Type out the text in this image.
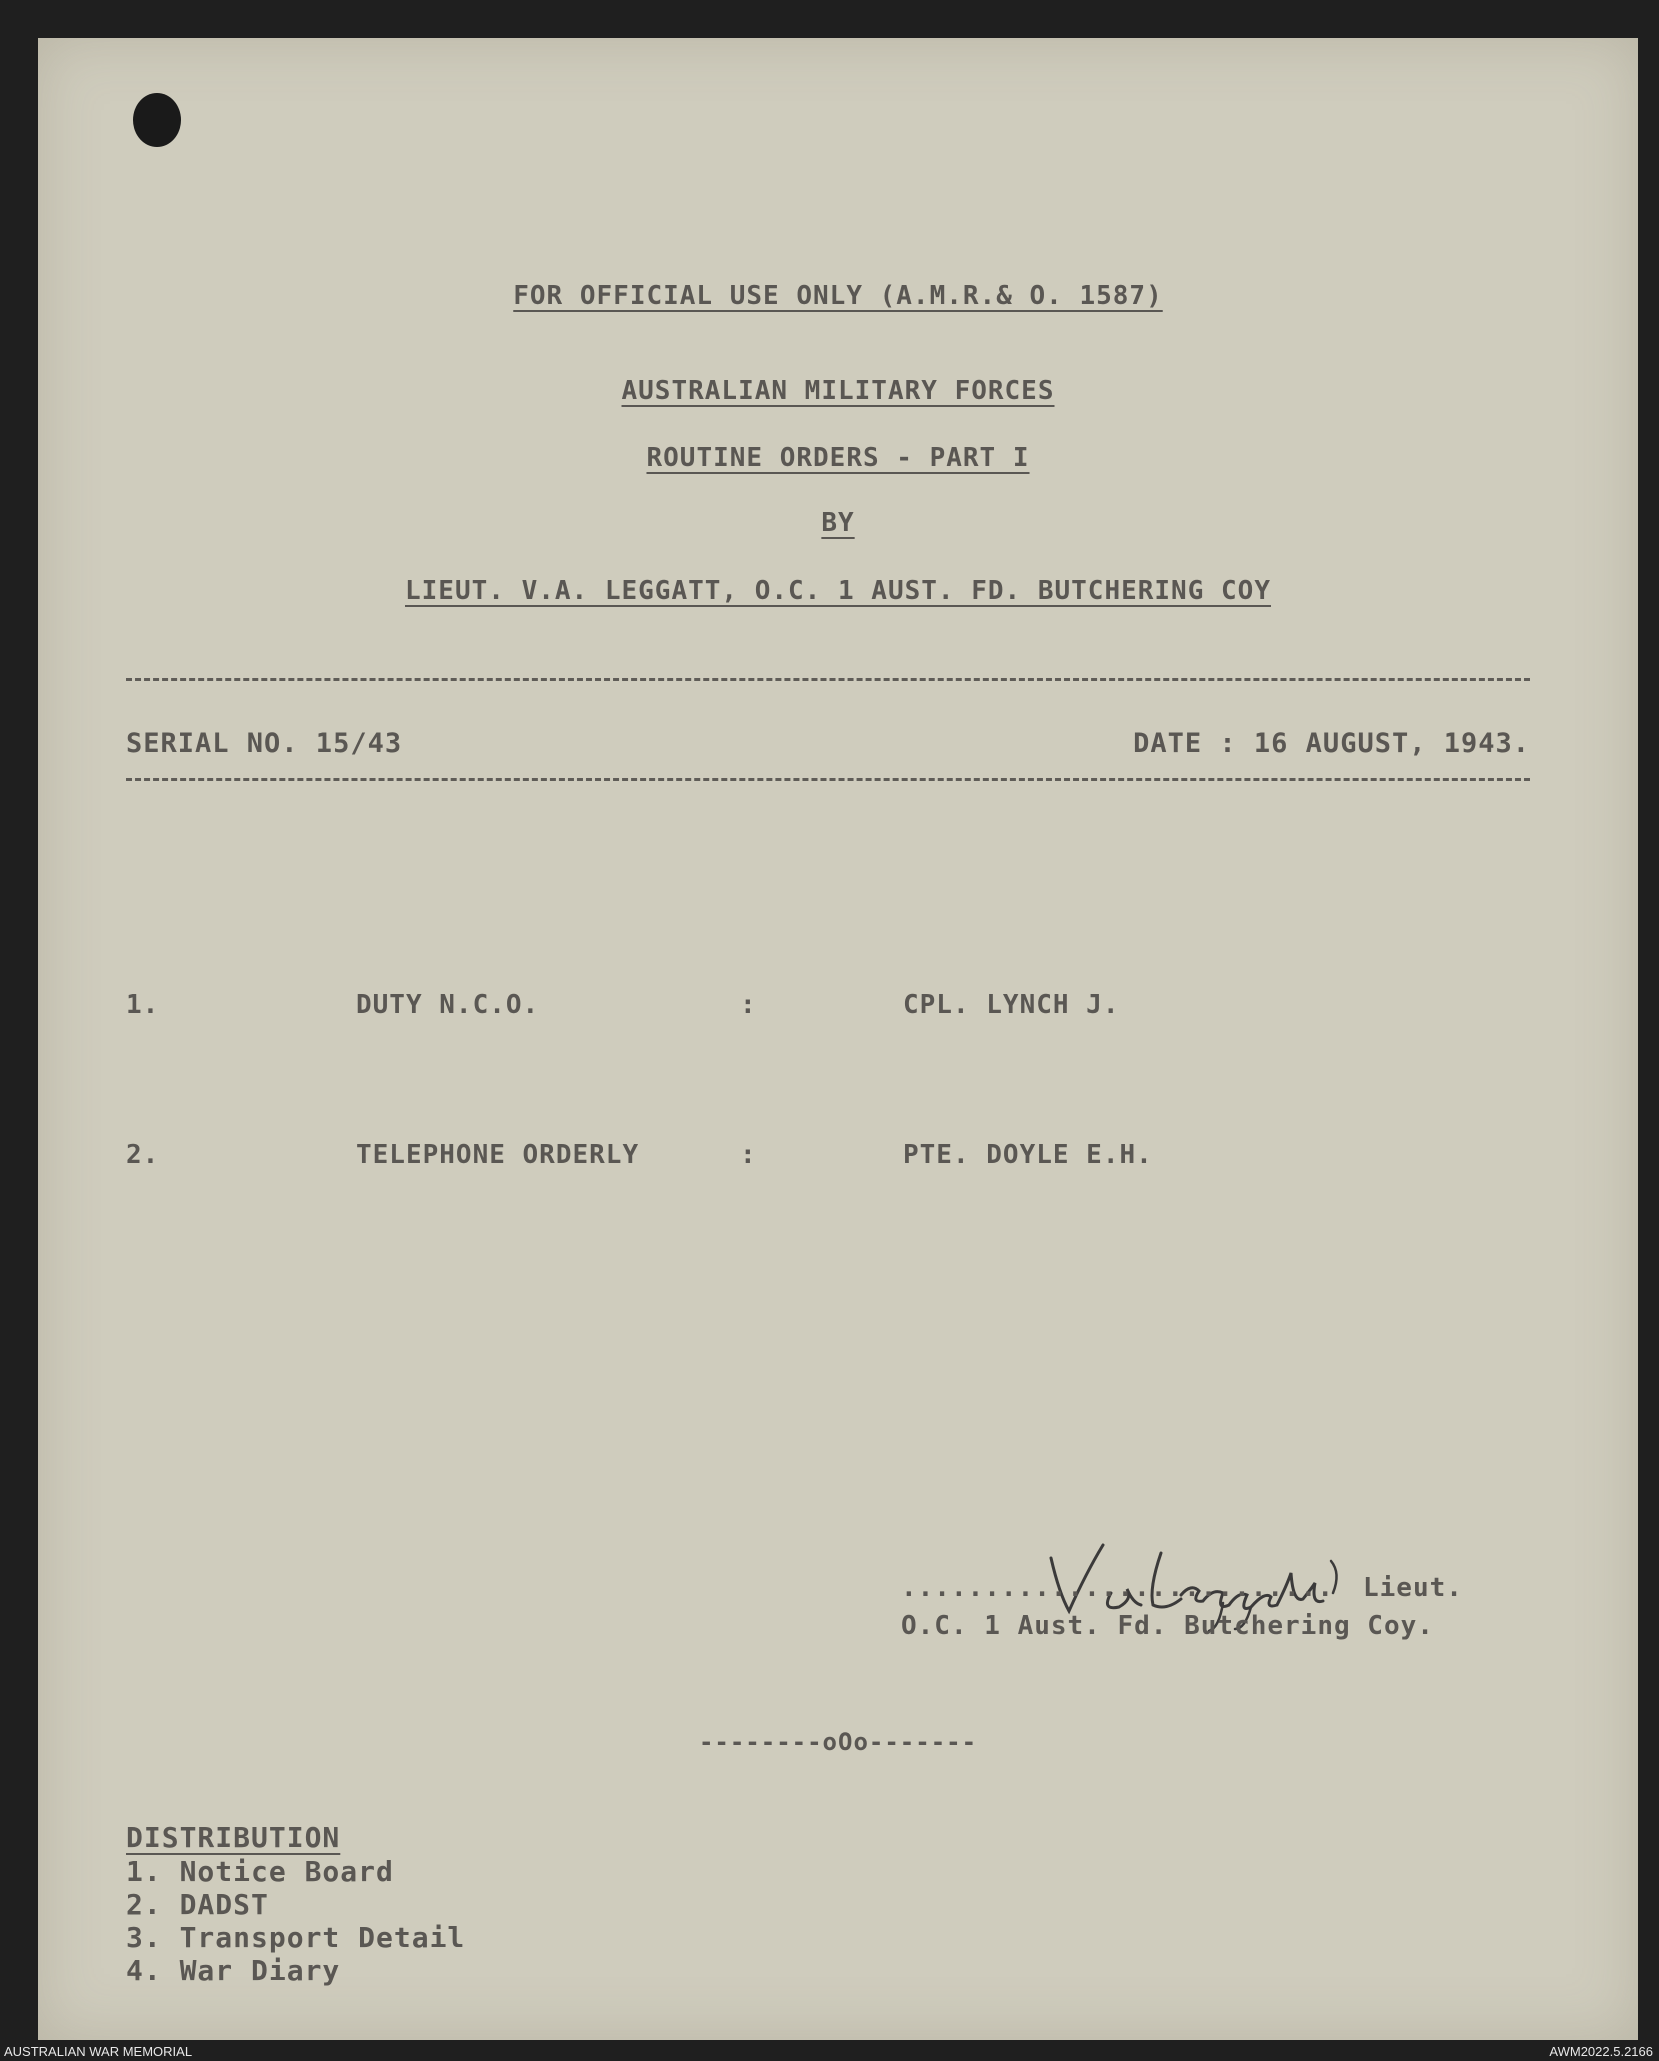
FOR OFFICIAL USE ONLY (A.M.R.& O. 1587)
AUSTRALIAN MILITARY FORCES
ROUTINE ORDERS - PART I
BY
LIEUT. V.A. LEGGATT, O.C. 1 AUST. FD. BUTCHERING COY
SERIAL NO. 15/43	DATE : 16 AUGUST, 1943.
1.	DUTY N.C.O.	:	CPL. LYNCH J.
2.	TELEPHONE ORDERLY	:	PTE. DOYLE E.H.
.......................... Lieut.
O.C. 1 Aust. Fd. Butchering Coy.
--------oOo-------
DISTRIBUTION
1. Notice Board
2. DADST
3. Transport Detail
4. War Diary
AUSTRALIAN WAR MEMORIAL	AWM2022.5.2166
